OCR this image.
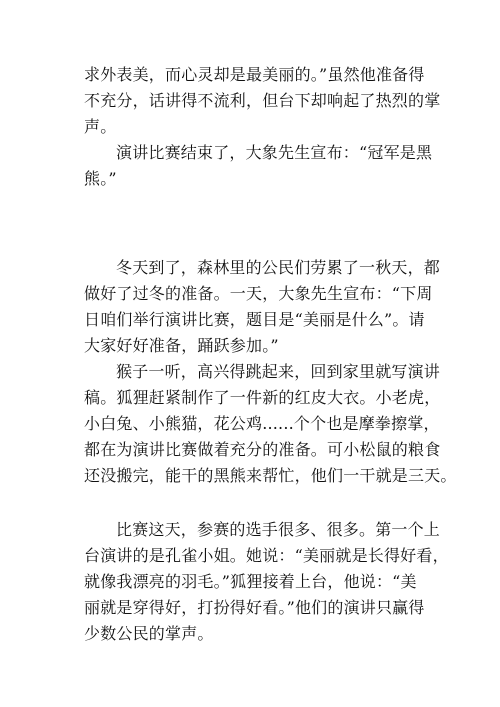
求外表美，而心灵却是最美丽的。”虽然他准备得
不充分，话讲得不流利，但台下却响起了热烈的掌
声。

演讲比赛结束了，大象先生宣布：“冠军是黑
熊。”

冬天到了，森林里的公民们劳累了一秋天，都
做好了过冬的准备。一天，大象先生宣布：“下周
日咱们举行演讲比赛，题目是“美丽是什么”。请
大家好好准备，踊跃参加。”

猴子一听，高兴得跳起来，回到家里就写演讲
稿。狐狸赶紧制作了一件新的红皮大衣。小老虎，
小白兔、小熊猫，花公鸡......个个也是摩拳擦掌，
都在为演讲比赛做着充分的准备。可小松鼠的粮食
还没搬完，能干的黑熊来帮忙，他们一干就是三天。

比赛这天，参赛的选手很多、很多。第一个上
台演讲的是孔雀小姐。她说：“美丽就是长得好看，
就像我漂亮的羽毛。”狐狸接着上台，他说：“美
丽就是穿得好，打扮得好看。”他们的演讲只赢得
少数公民的掌声。
